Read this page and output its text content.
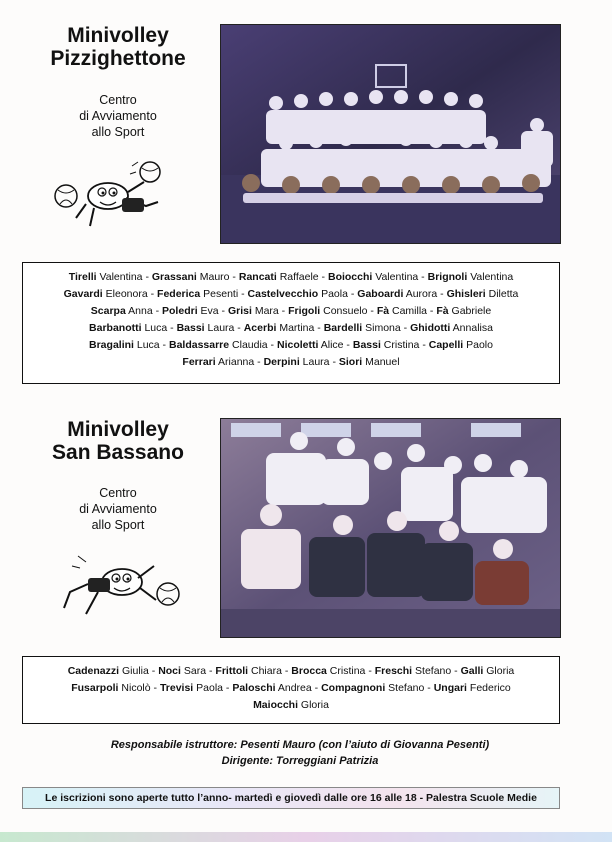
Minivolley
Pizzighettone
Centro
di Avviamento
allo Sport
Tirelli Valentina - Grassani Mauro - Rancati Raffaele - Boiocchi Valentina - Brignoli Valentina
Gavardi Eleonora - Federica Pesenti - Castelvecchio Paola - Gaboardi Aurora - Ghisleri Diletta
Scarpa Anna - Poledri Eva - Grisi Mara - Frigoli Consuelo - Fà Camilla - Fà Gabriele
Barbanotti Luca - Bassi Laura - Acerbi Martina - Bardelli Simona - Ghidotti Annalisa
Bragalini Luca - Baldassarre Claudia - Nicoletti Alice - Bassi Cristina - Capelli Paolo
Ferrari Arianna - Derpini Laura - Siori Manuel
Minivolley
San Bassano
Centro
di Avviamento
allo Sport
Cadenazzi Giulia - Noci Sara - Frittoli Chiara - Brocca Cristina - Freschi Stefano - Galli Gloria
Fusarpoli Nicolò - Trevisi Paola - Paloschi Andrea - Compagnoni Stefano - Ungari Federico
Maiocchi Gloria
Responsabile istruttore: Pesenti Mauro (con l’aiuto di Giovanna Pesenti)
Dirigente: Torreggiani Patrizia
Le iscrizioni sono aperte tutto l’anno- martedì e giovedì dalle ore 16 alle 18 - Palestra Scuole Medie
